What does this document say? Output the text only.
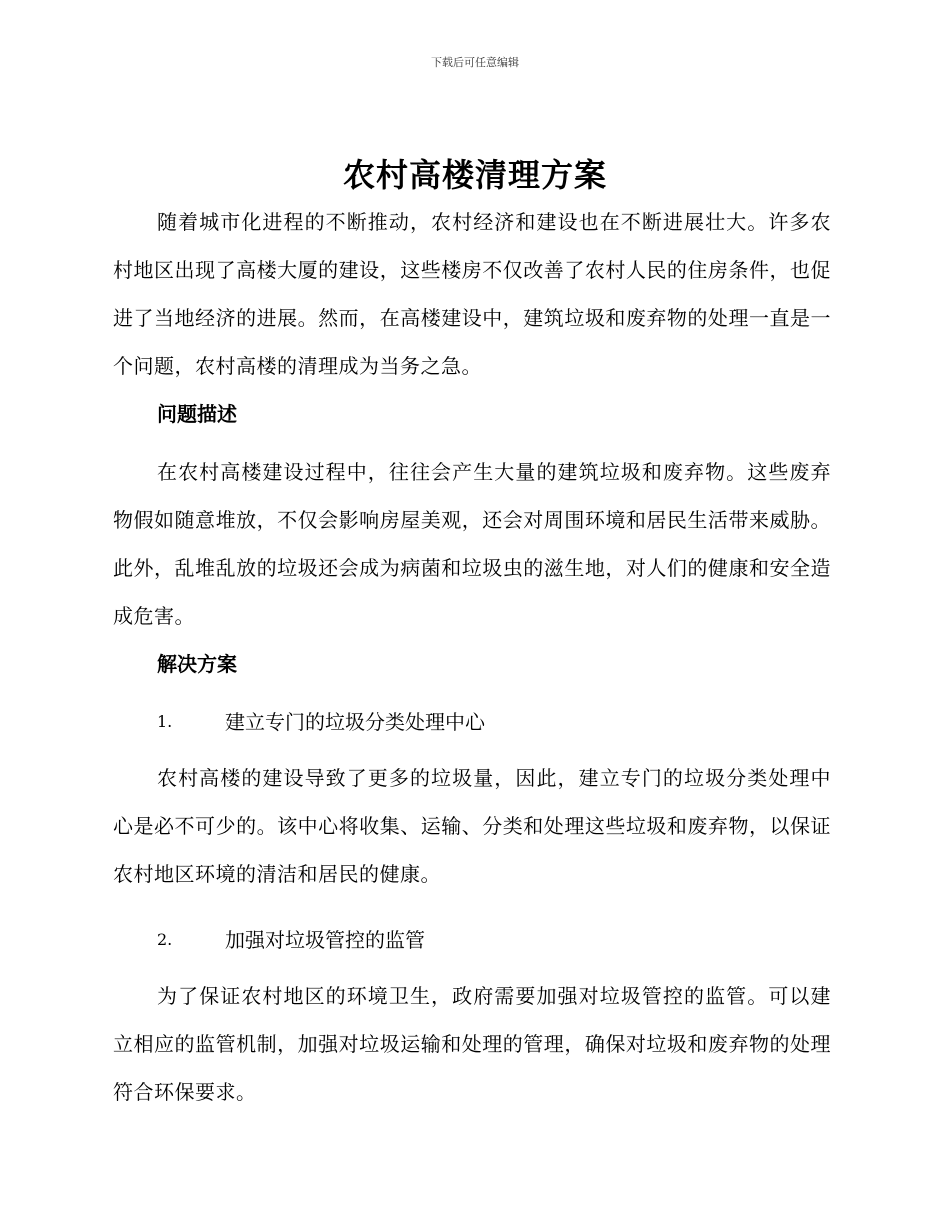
下载后可任意编辑
农村高楼清理方案

随着城市化进程的不断推动，农村经济和建设也在不断进展壮大。许多农村地区出现了高楼大厦的建设，这些楼房不仅改善了农村人民的住房条件，也促进了当地经济的进展。然而，在高楼建设中，建筑垃圾和废弃物的处理一直是一个问题，农村高楼的清理成为当务之急。

问题描述

在农村高楼建设过程中，往往会产生大量的建筑垃圾和废弃物。这些废弃物假如随意堆放，不仅会影响房屋美观，还会对周围环境和居民生活带来威胁。此外，乱堆乱放的垃圾还会成为病菌和垃圾虫的滋生地，对人们的健康和安全造成危害。

解决方案

1.	建立专门的垃圾分类处理中心

农村高楼的建设导致了更多的垃圾量，因此，建立专门的垃圾分类处理中心是必不可少的。该中心将收集、运输、分类和处理这些垃圾和废弃物，以保证农村地区环境的清洁和居民的健康。

2.	加强对垃圾管控的监管

为了保证农村地区的环境卫生，政府需要加强对垃圾管控的监管。可以建立相应的监管机制，加强对垃圾运输和处理的管理，确保对垃圾和废弃物的处理符合环保要求。
